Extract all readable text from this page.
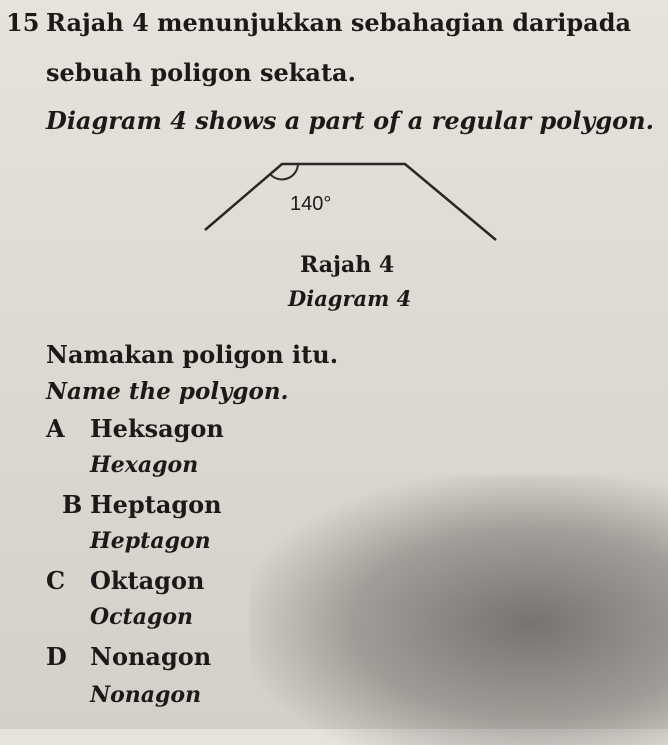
15 Rajah 4 menunjukkan sebahagian daripada
sebuah poligon sekata.
Diagram 4 shows a part of a regular polygon.
140°
Rajah 4
Diagram 4
Namakan poligon itu.
Name the polygon.
A Heksagon
Hexagon
B Heptagon
Heptagon
C Oktagon
Octagon
D Nonagon
Nonagon
